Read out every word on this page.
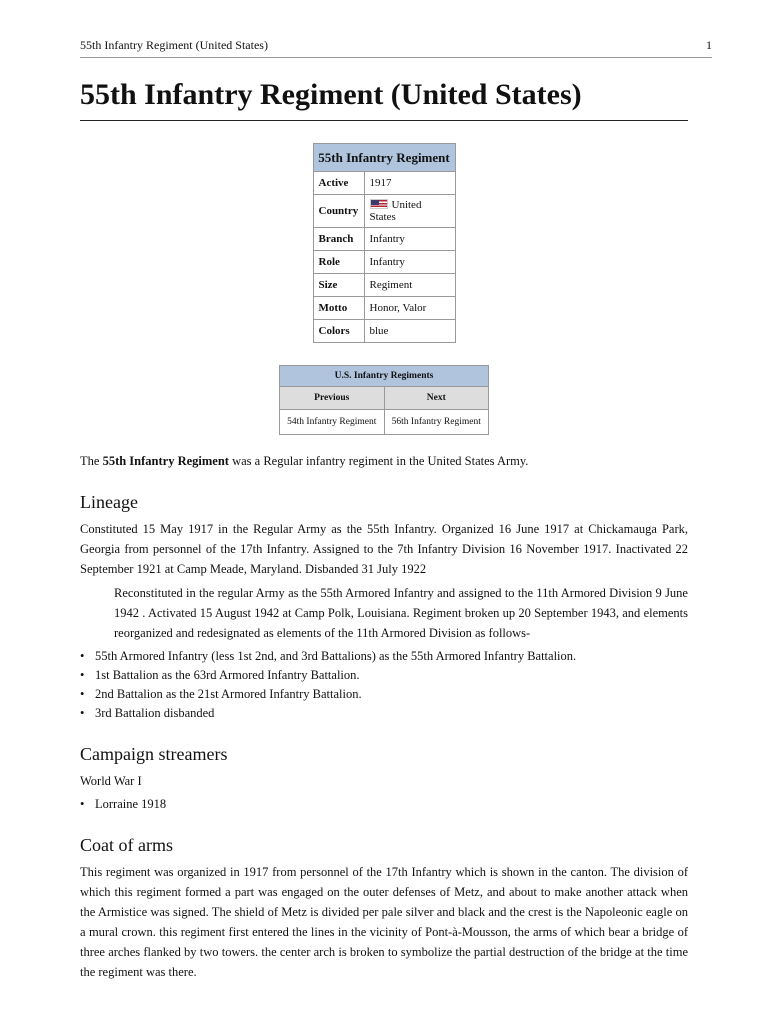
55th Infantry Regiment (United States)	1
55th Infantry Regiment (United States)
55th Infantry Regiment	
Active	1917
Country	United States
Branch	Infantry
Role	Infantry
Size	Regiment
Motto	Honor, Valor
Colors	blue
U.S. Infantry Regiments	
Previous	Next
54th Infantry Regiment	56th Infantry Regiment

The 55th Infantry Regiment was a Regular infantry regiment in the United States Army.

Lineage

Constituted 15 May 1917 in the Regular Army as the 55th Infantry. Organized 16 June 1917 at Chickamauga Park, Georgia from personnel of the 17th Infantry. Assigned to the 7th Infantry Division 16 November 1917. Inactivated 22 September 1921 at Camp Meade, Maryland. Disbanded 31 July 1922

Reconstituted in the regular Army as the 55th Armored Infantry and assigned to the 11th Armored Division 9 June 1942 . Activated 15 August 1942 at Camp Polk, Louisiana. Regiment broken up 20 September 1943, and elements reorganized and redesignated as elements of the 11th Armored Division as follows-

• 55th Armored Infantry (less 1st 2nd, and 3rd Battalions) as the 55th Armored Infantry Battalion.
• 1st Battalion as the 63rd Armored Infantry Battalion.
• 2nd Battalion as the 21st Armored Infantry Battalion.
• 3rd Battalion disbanded
Campaign streamers

World War I

• Lorraine 1918
Coat of arms

This regiment was organized in 1917 from personnel of the 17th Infantry which is shown in the canton. The division of which this regiment formed a part was engaged on the outer defenses of Metz, and about to make another attack when the Armistice was signed. The shield of Metz is divided per pale silver and black and the crest is the Napoleonic eagle on a mural crown. this regiment first entered the lines in the vicinity of Pont-à-Mousson, the arms of which bear a bridge of three arches flanked by two towers. the center arch is broken to symbolize the partial destruction of the bridge at the time the regiment was there.
